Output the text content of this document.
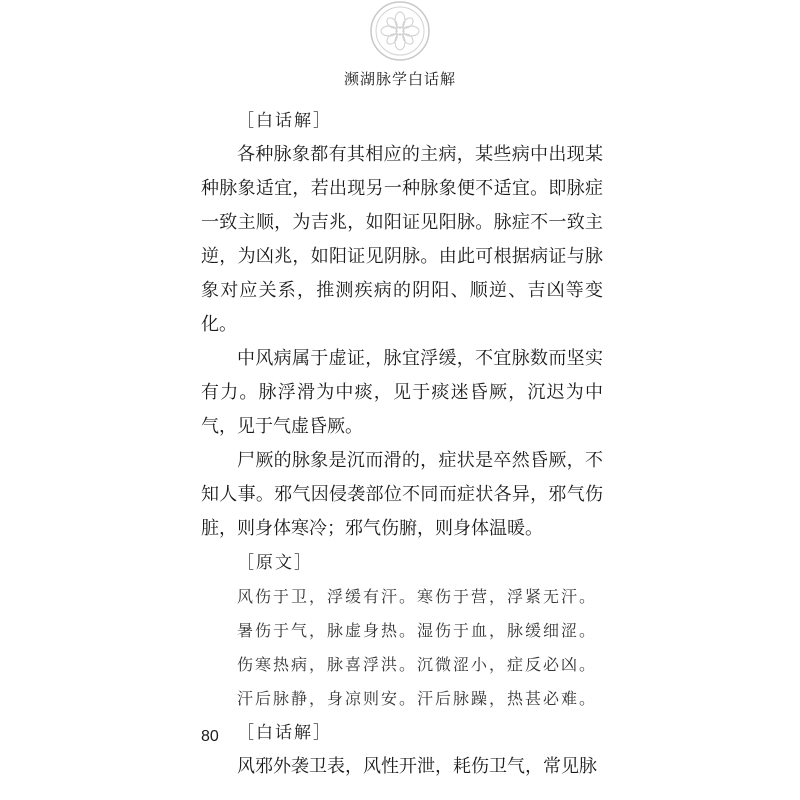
濒湖脉学白话解
［白话解］

各种脉象都有其相应的主病，某些病中出现某种脉象适宜，若出现另一种脉象便不适宜。即脉症一致主顺，为吉兆，如阳证见阳脉。脉症不一致主逆，为凶兆，如阳证见阴脉。由此可根据病证与脉象对应关系，推测疾病的阴阳、顺逆、吉凶等变化。

中风病属于虚证，脉宜浮缓，不宜脉数而坚实有力。脉浮滑为中痰，见于痰迷昏厥，沉迟为中气，见于气虚昏厥。

尸厥的脉象是沉而滑的，症状是卒然昏厥，不知人事。邪气因侵袭部位不同而症状各异，邪气伤脏，则身体寒冷；邪气伤腑，则身体温暖。

［原文］
风伤于卫，浮缓有汗。寒伤于营，浮紧无汗。
暑伤于气，脉虚身热。湿伤于血，脉缓细涩。
伤寒热病，脉喜浮洪。沉微涩小，症反必凶。
汗后脉静，身凉则安。汗后脉躁，热甚必难。
［白话解］

风邪外袭卫表，风性开泄，耗伤卫气，常见脉

80
